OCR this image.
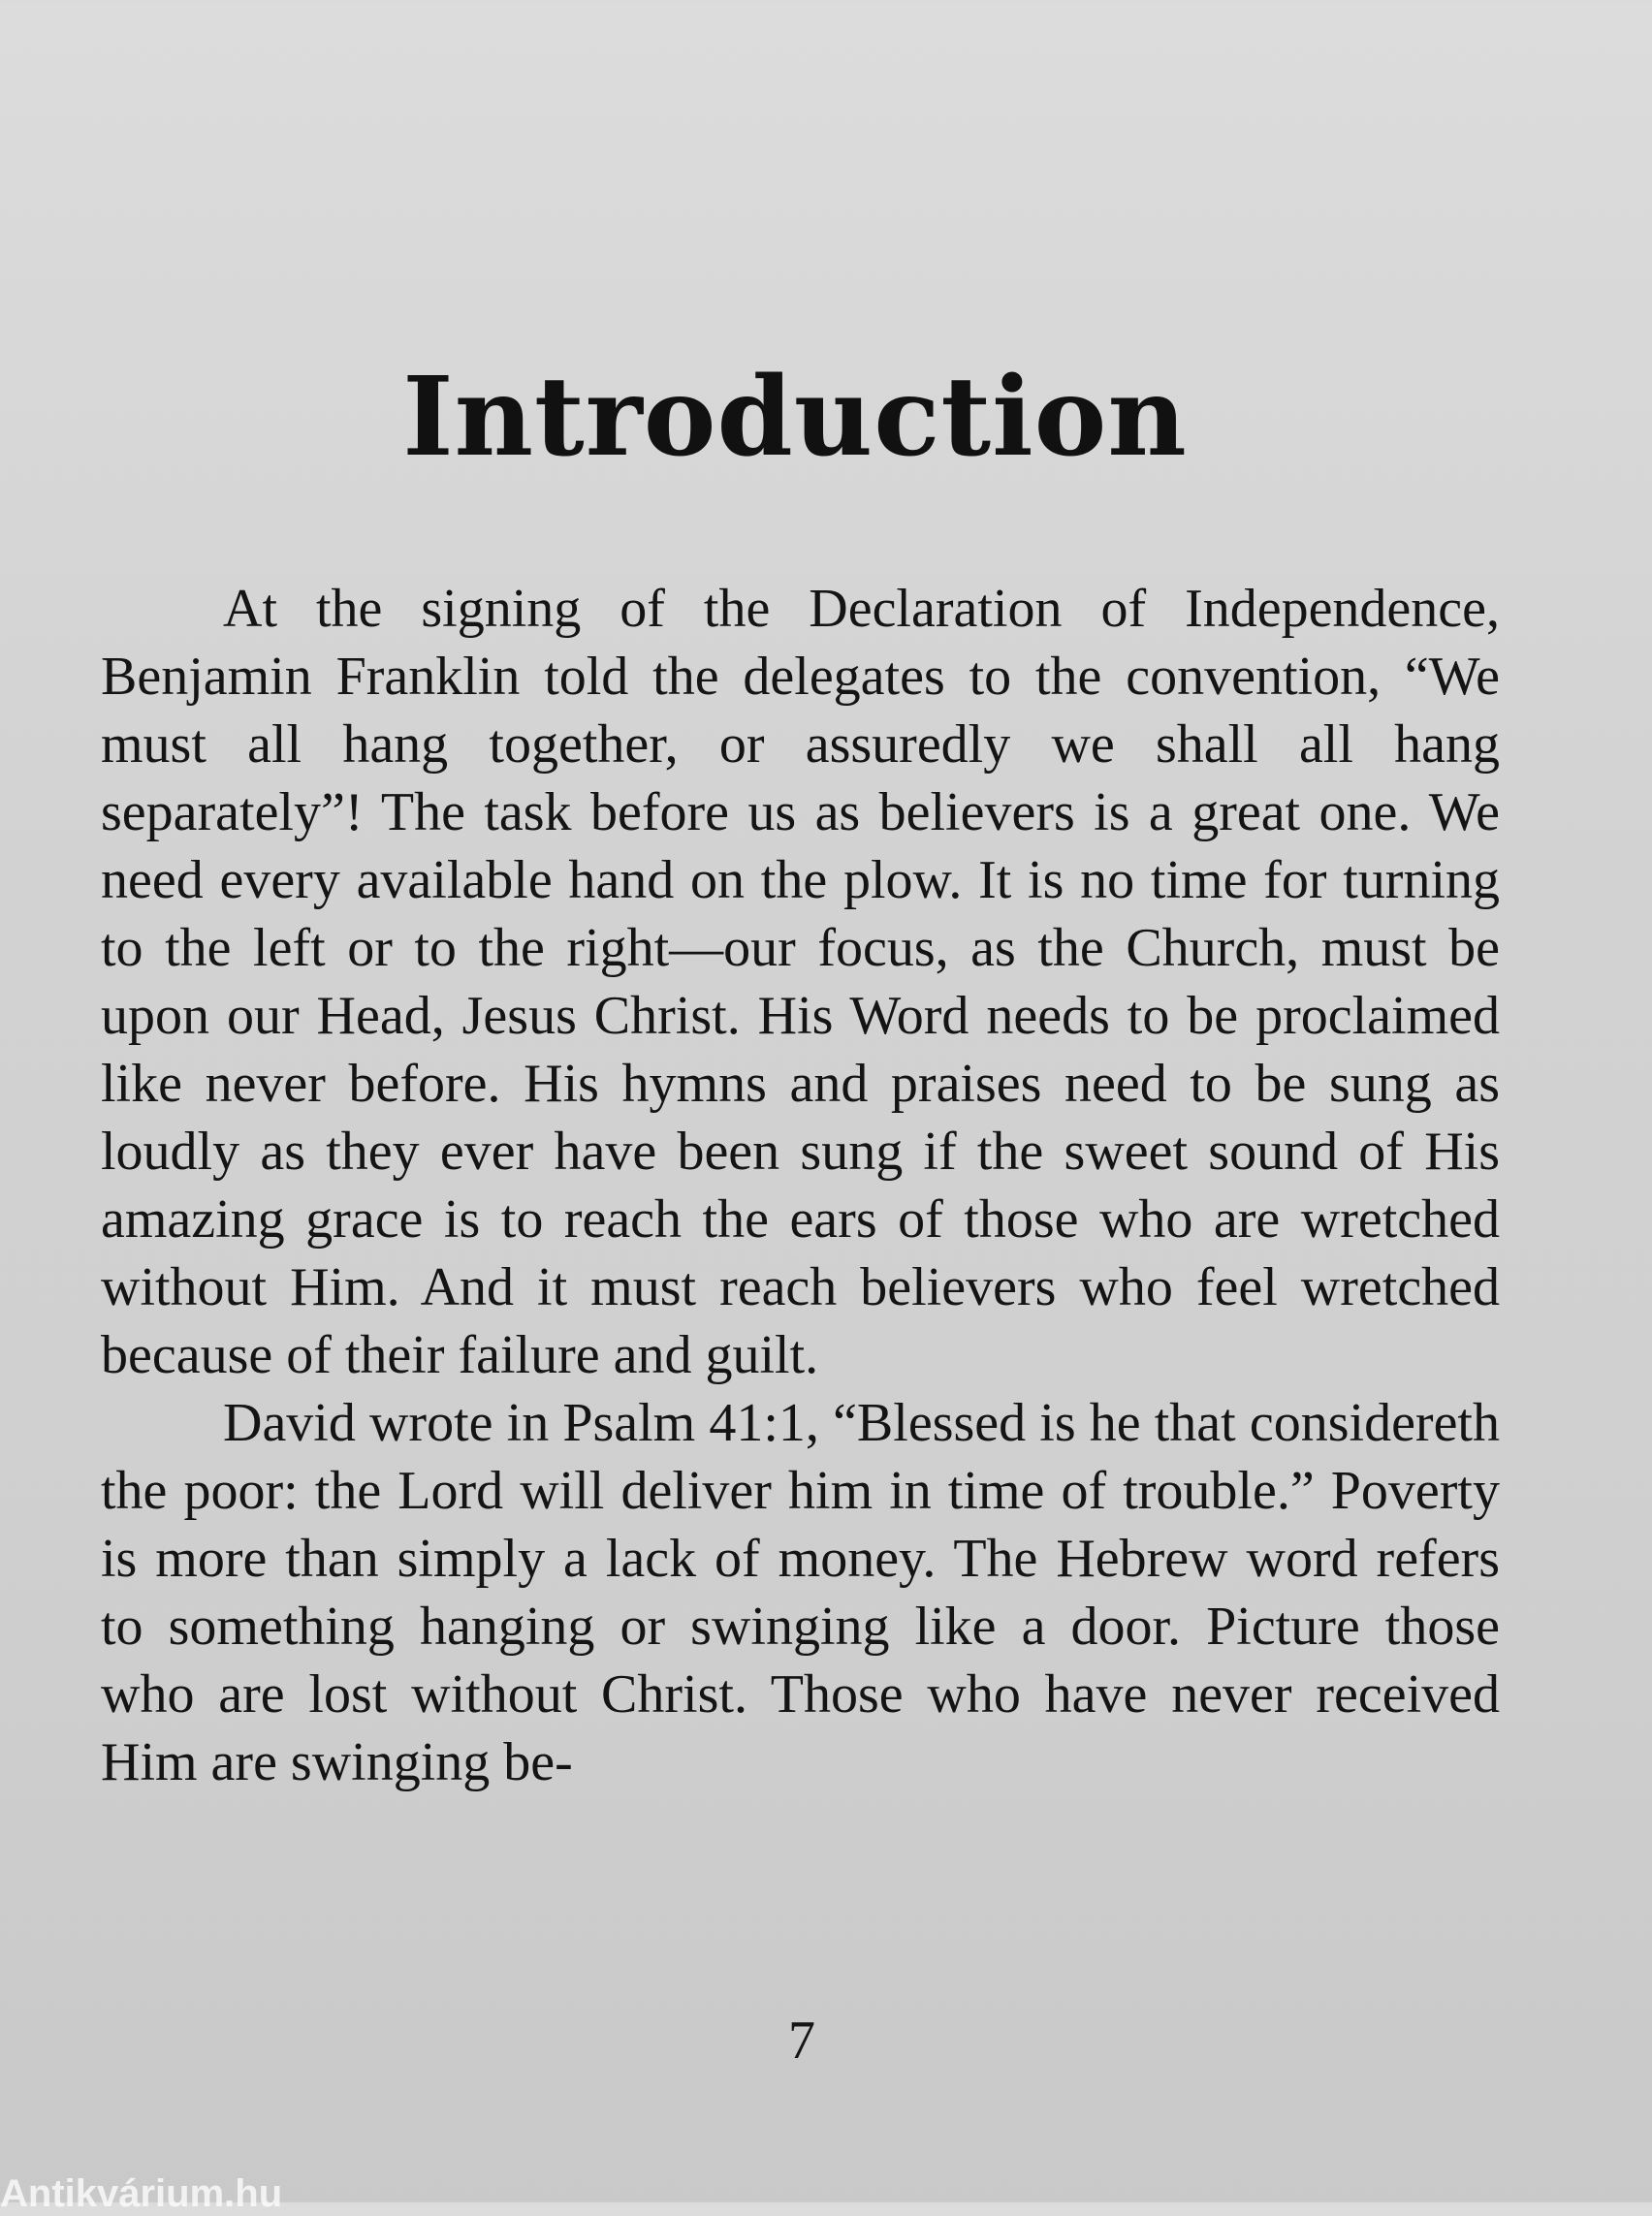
Introduction

At the signing of the Declaration of Independence, Benjamin Franklin told the delegates to the convention, “We must all hang together, or assuredly we shall all hang separately”! The task before us as believers is a great one. We need every available hand on the plow. It is no time for turning to the left or to the right—our focus, as the Church, must be upon our Head, Jesus Christ. His Word needs to be proclaimed like never before. His hymns and praises need to be sung as loudly as they ever have been sung if the sweet sound of His amazing grace is to reach the ears of those who are wretched without Him. And it must reach believers who feel wretched because of their failure and guilt.

David wrote in Psalm 41:1, “Blessed is he that considereth the poor: the Lord will deliver him in time of trouble.” Poverty is more than simply a lack of money. The Hebrew word refers to something hanging or swinging like a door. Picture those who are lost without Christ. Those who have never received Him are swinging be-

7

Antikvárium.hu
